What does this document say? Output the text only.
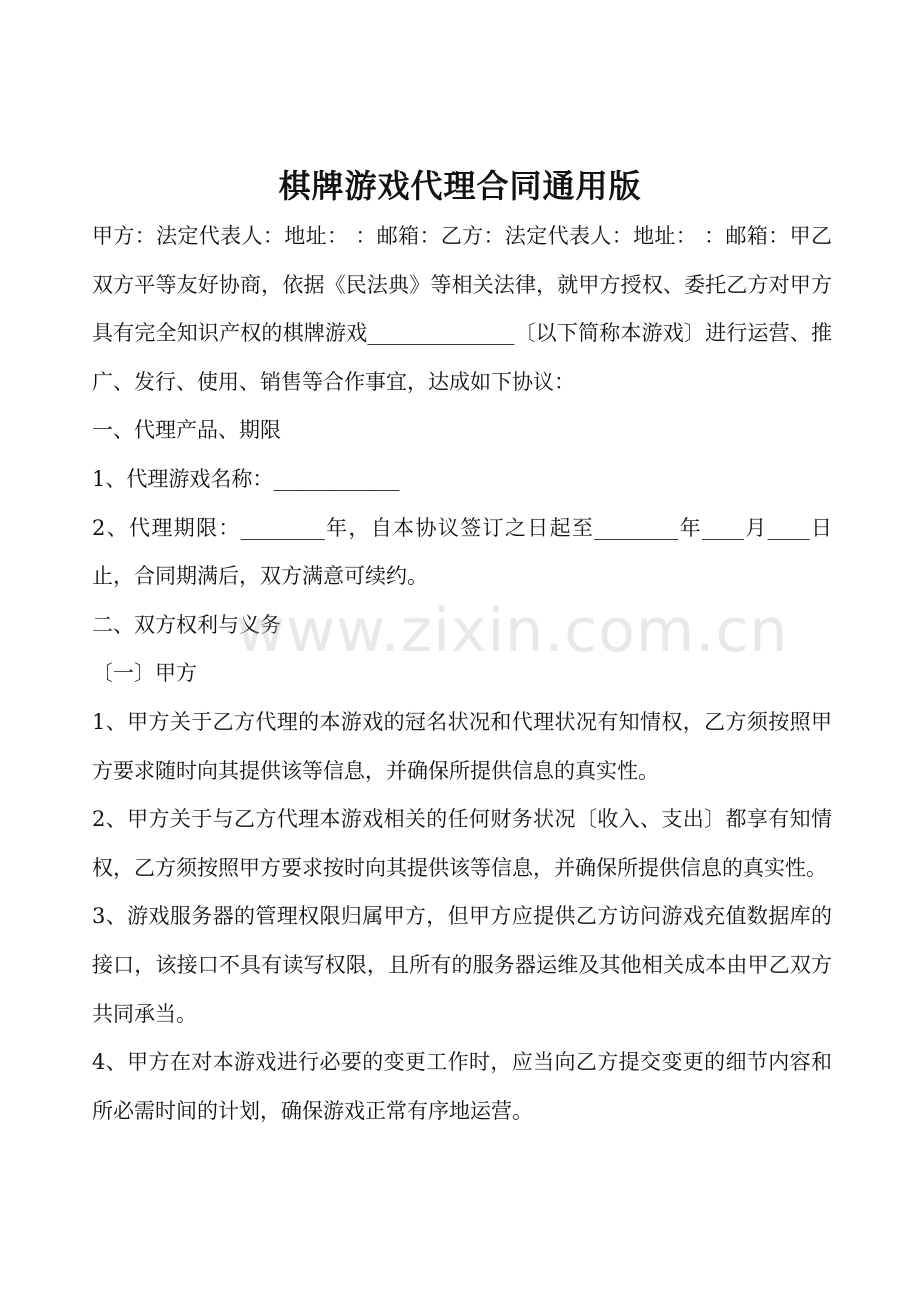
棋牌游戏代理合同通用版

甲方：法定代表人：地址： ：邮箱：乙方：法定代表人：地址： ：邮箱：甲乙双方平等友好协商，依据《民法典》等相关法律，就甲方授权、委托乙方对甲方具有完全知识产权的棋牌游戏______________〔以下简称本游戏〕进行运营、推广、发行、使用、销售等合作事宜，达成如下协议：

一、代理产品、期限

1、代理游戏名称：____________

2、代理期限：________年，自本协议签订之日起至________年____月____日止，合同期满后，双方满意可续约。

二、双方权利与义务

〔一〕甲方

1、甲方关于乙方代理的本游戏的冠名状况和代理状况有知情权，乙方须按照甲方要求随时向其提供该等信息，并确保所提供信息的真实性。

2、甲方关于与乙方代理本游戏相关的任何财务状况〔收入、支出〕都享有知情权，乙方须按照甲方要求按时向其提供该等信息，并确保所提供信息的真实性。

3、游戏服务器的管理权限归属甲方，但甲方应提供乙方访问游戏充值数据库的接口，该接口不具有读写权限，且所有的服务器运维及其他相关成本由甲乙双方共同承当。

4、甲方在对本游戏进行必要的变更工作时，应当向乙方提交变更的细节内容和所必需时间的计划，确保游戏正常有序地运营。

www.zixin.com.cn
